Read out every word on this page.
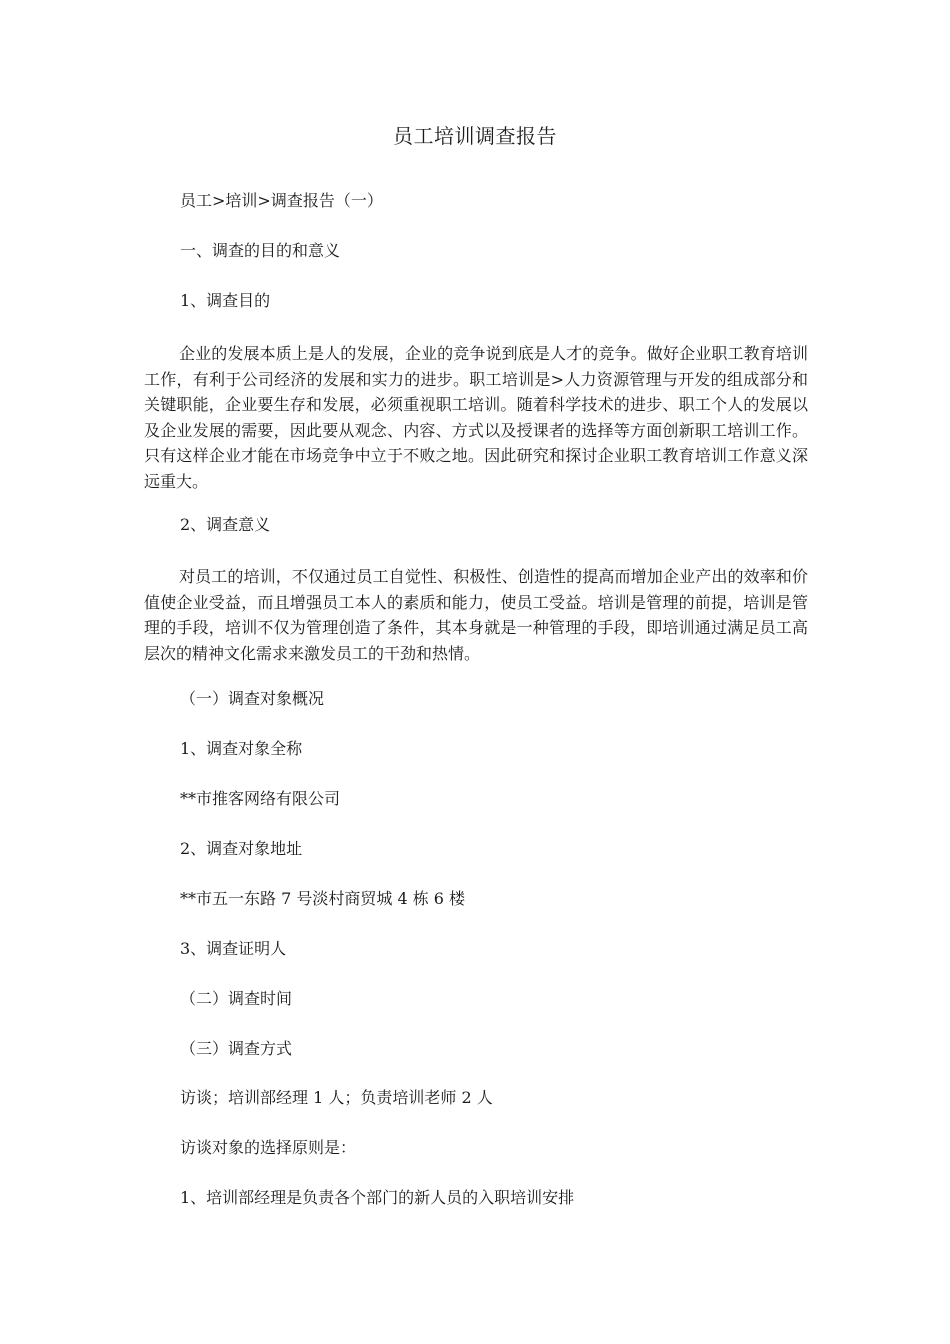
员工培训调查报告
员工>培训>调查报告（一）
一、调查的目的和意义
1、调查目的
企业的发展本质上是人的发展，企业的竞争说到底是人才的竞争。做好企业职工教育培训工作，有利于公司经济的发展和实力的进步。职工培训是>人力资源管理与开发的组成部分和关键职能，企业要生存和发展，必须重视职工培训。随着科学技术的进步、职工个人的发展以及企业发展的需要，因此要从观念、内容、方式以及授课者的选择等方面创新职工培训工作。只有这样企业才能在市场竞争中立于不败之地。因此研究和探讨企业职工教育培训工作意义深远重大。
2、调查意义
对员工的培训，不仅通过员工自觉性、积极性、创造性的提高而增加企业产出的效率和价值使企业受益，而且增强员工本人的素质和能力，使员工受益。培训是管理的前提，培训是管理的手段，培训不仅为管理创造了条件，其本身就是一种管理的手段，即培训通过满足员工高层次的精神文化需求来激发员工的干劲和热情。
（一）调查对象概况
1、调查对象全称
**市推客网络有限公司
2、调查对象地址
**市五一东路 7 号淡村商贸城 4 栋 6 楼
3、调查证明人
（二）调查时间
（三）调查方式
访谈；培训部经理 1 人；负责培训老师 2 人
访谈对象的选择原则是：
1、培训部经理是负责各个部门的新人员的入职培训安排
